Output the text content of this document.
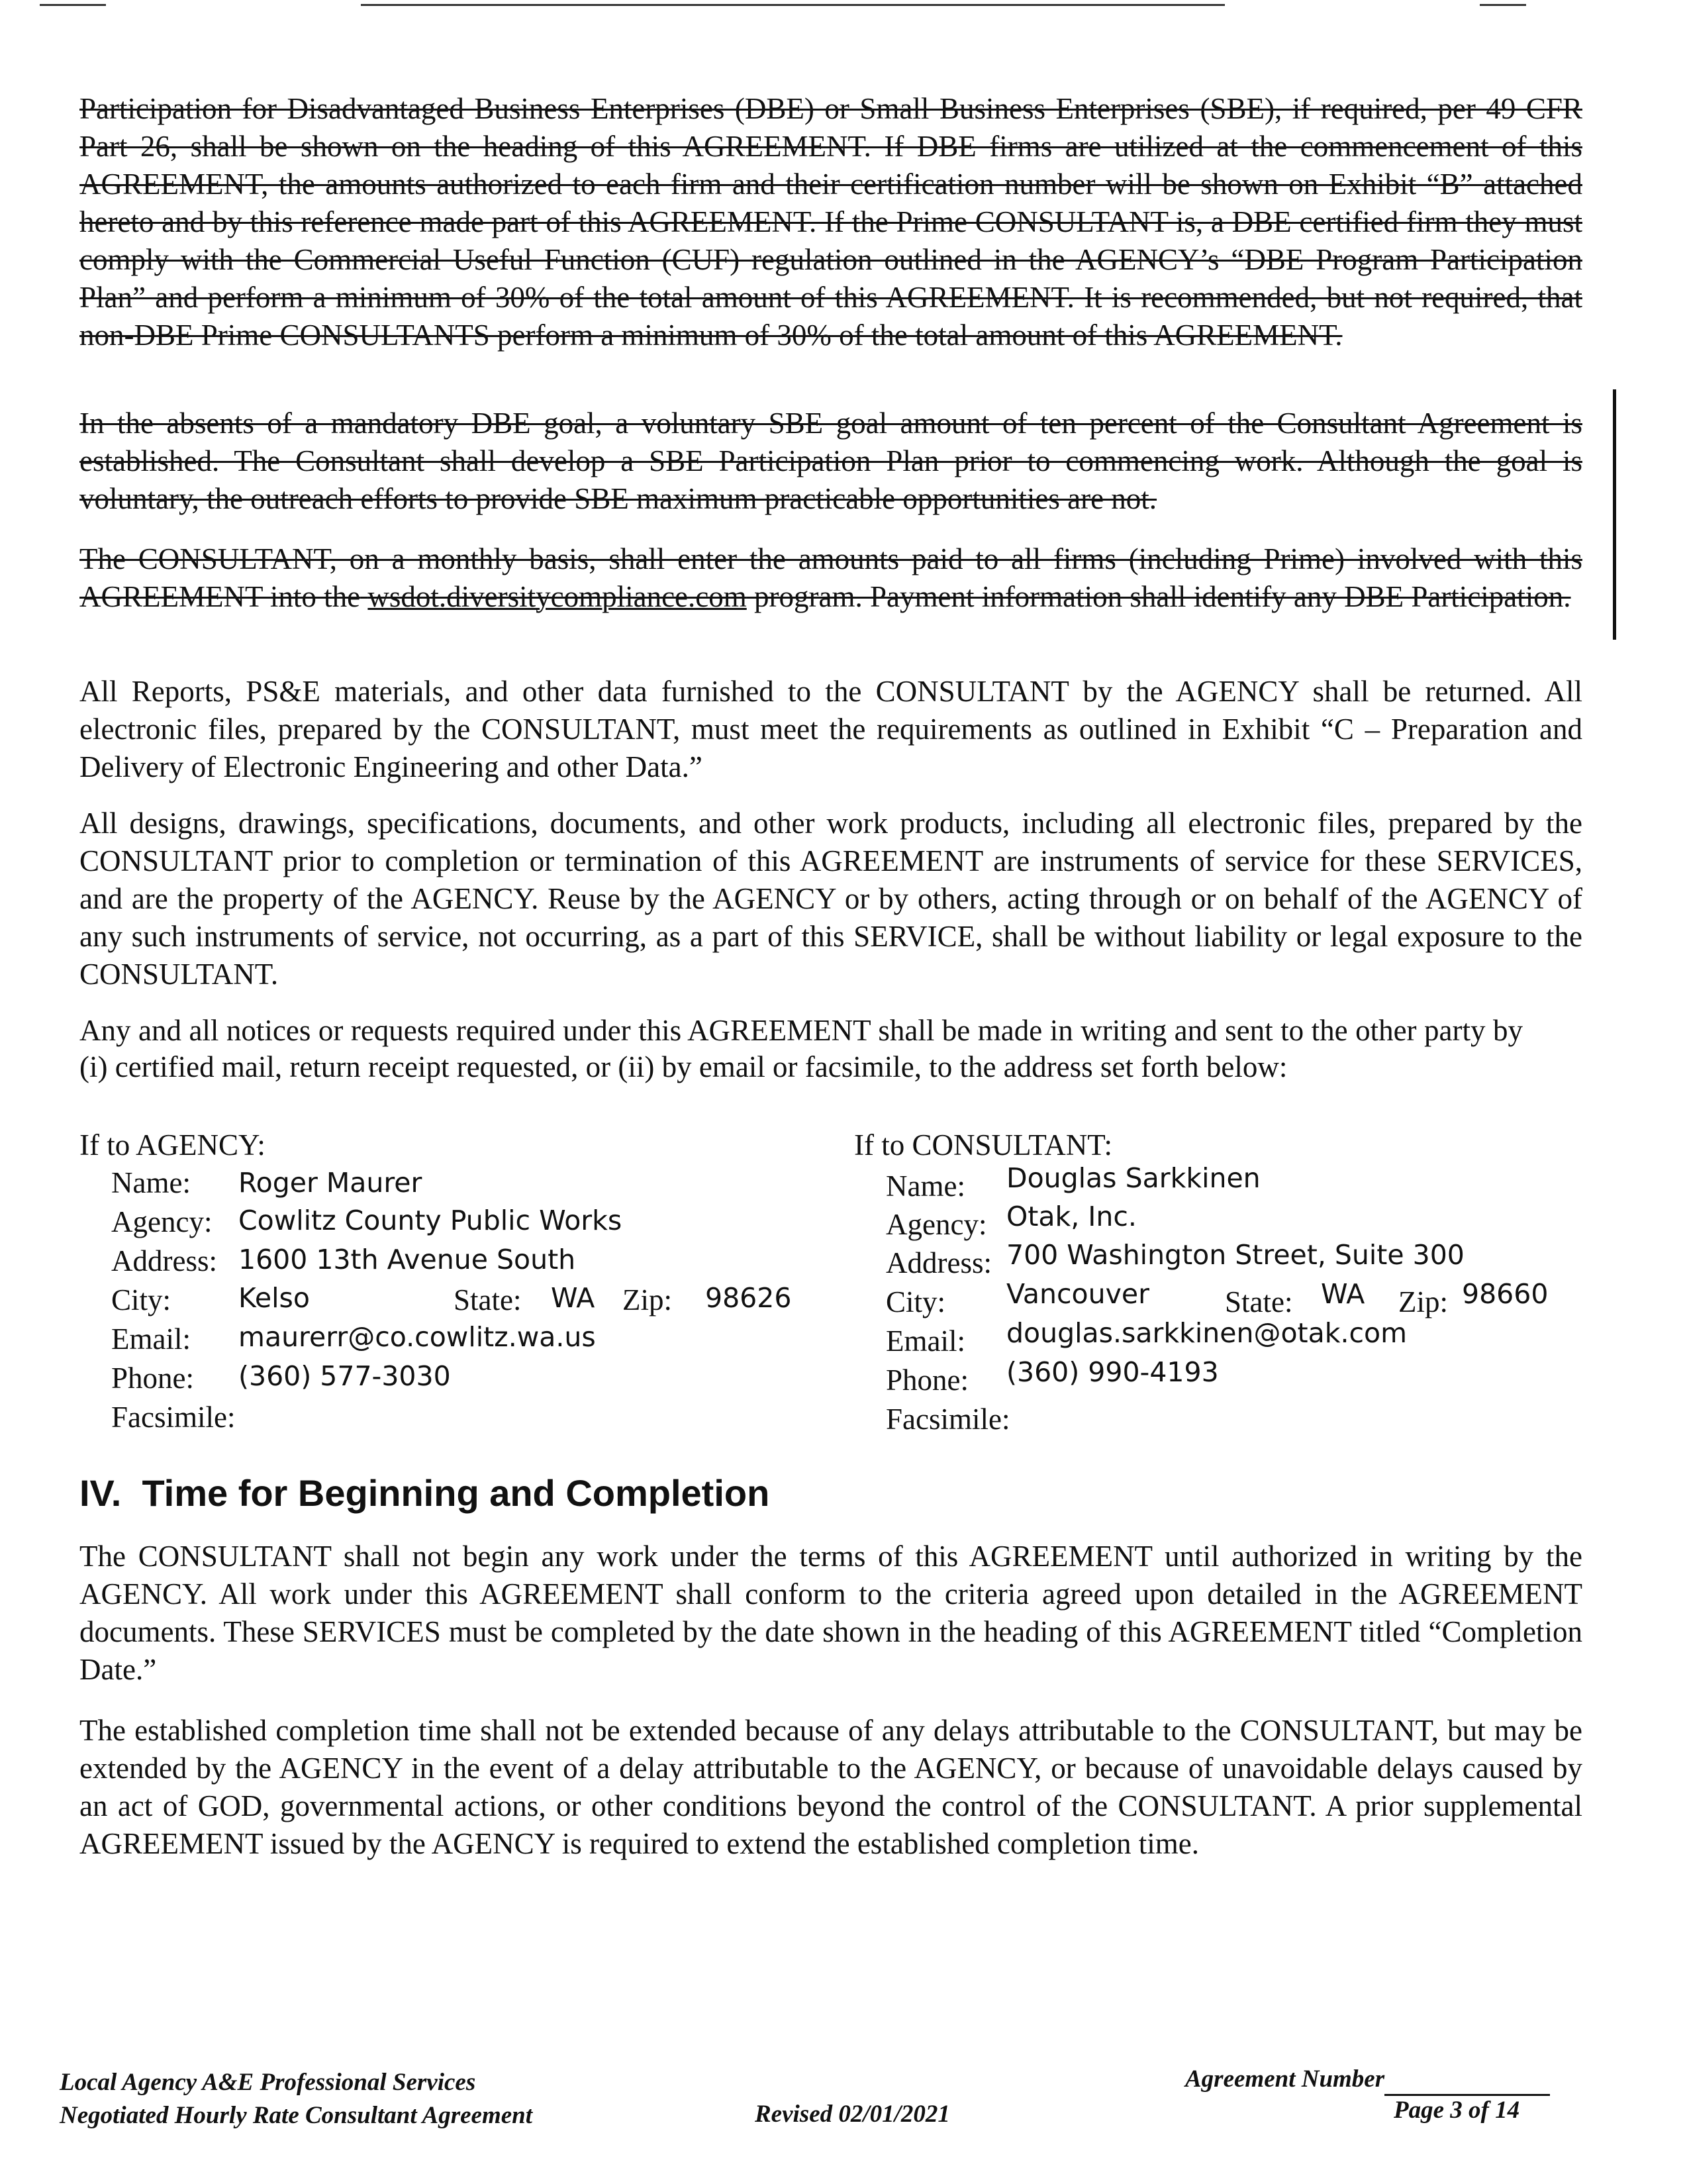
Participation for Disadvantaged Business Enterprises (DBE) or Small Business Enterprises (SBE), if required, per 49 CFR Part 26, shall be shown on the heading of this AGREEMENT. If DBE firms are utilized at the commencement of this AGREEMENT, the amounts authorized to each firm and their certification number will be shown on Exhibit “B” attached hereto and by this reference made part of this AGREEMENT. If the Prime CONSULTANT is, a DBE certified firm they must comply with the Commercial Useful Function (CUF) regulation outlined in the AGENCY’s “DBE Program Participation Plan” and perform a minimum of 30% of the total amount of this AGREEMENT. It is recommended, but not required, that non-DBE Prime CONSULTANTS perform a minimum of 30% of the total amount of this AGREEMENT.

In the absents of a mandatory DBE goal, a voluntary SBE goal amount of ten percent of the Consultant Agreement is established. The Consultant shall develop a SBE Participation Plan prior to commencing work. Although the goal is voluntary, the outreach efforts to provide SBE maximum practicable opportunities are not.

The CONSULTANT, on a monthly basis, shall enter the amounts paid to all firms (including Prime) involved with this AGREEMENT into the wsdot.diversitycompliance.com program. Payment information shall identify any DBE Participation.

All Reports, PS&E materials, and other data furnished to the CONSULTANT by the AGENCY shall be returned. All electronic files, prepared by the CONSULTANT, must meet the requirements as outlined in Exhibit “C – Preparation and Delivery of Electronic Engineering and other Data.”

All designs, drawings, specifications, documents, and other work products, including all electronic files, prepared by the CONSULTANT prior to completion or termination of this AGREEMENT are instruments of service for these SERVICES, and are the property of the AGENCY. Reuse by the AGENCY or by others, acting through or on behalf of the AGENCY of any such instruments of service, not occurring, as a part of this SERVICE, shall be without liability or legal exposure to the CONSULTANT.

Any and all notices or requests required under this AGREEMENT shall be made in writing and sent to the other party by (i) certified mail, return receipt requested, or (ii) by email or facsimile, to the address set forth below:

If to AGENCY:
Name: Roger Maurer
Agency: Cowlitz County Public Works
Address: 1600 13th Avenue South
City: Kelso	State: WA Zip: 98626
Email: maurerr@co.cowlitz.wa.us
Phone: (360) 577-3030
Facsimile:
If to CONSULTANT:
Name: Douglas Sarkkinen
Agency: Otak, Inc.
Address: 700 Washington Street, Suite 300
City: Vancouver	State: WA Zip: 98660
Email: douglas.sarkkinen@otak.com
Phone: (360) 990-4193
Facsimile:
IV. Time for Beginning and Completion

The CONSULTANT shall not begin any work under the terms of this AGREEMENT until authorized in writing by the AGENCY. All work under this AGREEMENT shall conform to the criteria agreed upon detailed in the AGREEMENT documents. These SERVICES must be completed by the date shown in the heading of this AGREEMENT titled “Completion Date.”

The established completion time shall not be extended because of any delays attributable to the CONSULTANT, but may be extended by the AGENCY in the event of a delay attributable to the AGENCY, or because of unavoidable delays caused by an act of GOD, governmental actions, or other conditions beyond the control of the CONSULTANT. A prior supplemental AGREEMENT issued by the AGENCY is required to extend the established completion time.

Local Agency A&E Professional Services
Negotiated Hourly Rate Consultant Agreement	Revised 02/01/2021
Agreement Number
Page 3 of 14
